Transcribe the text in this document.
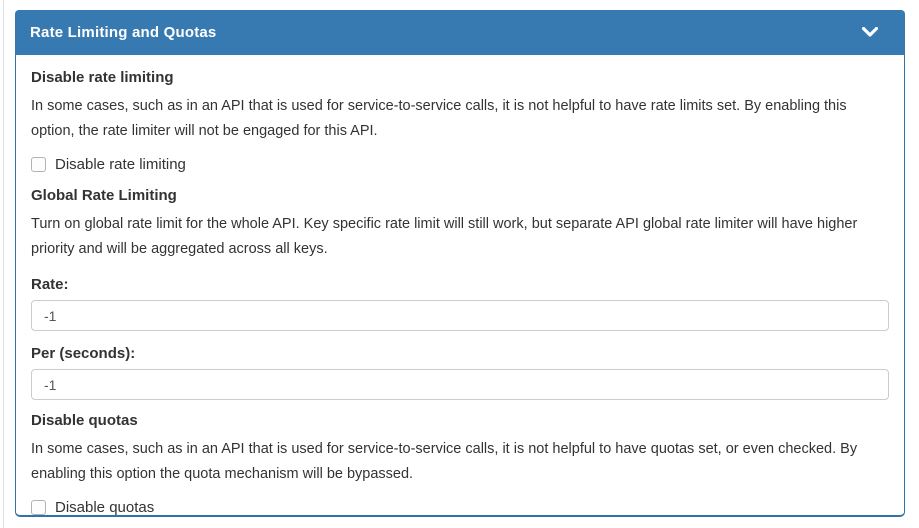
Rate Limiting and Quotas
Disable rate limiting
In some cases, such as in an API that is used for service-to-service calls, it is not helpful to have rate limits set. By enabling this option, the rate limiter will not be engaged for this API.
Disable rate limiting
Global Rate Limiting
Turn on global rate limit for the whole API. Key specific rate limit will still work, but separate API global rate limiter will have higher priority and will be aggregated across all keys.
Rate:
-1
Per (seconds):
-1
Disable quotas
In some cases, such as in an API that is used for service-to-service calls, it is not helpful to have quotas set, or even checked. By enabling this option the quota mechanism will be bypassed.
Disable quotas
